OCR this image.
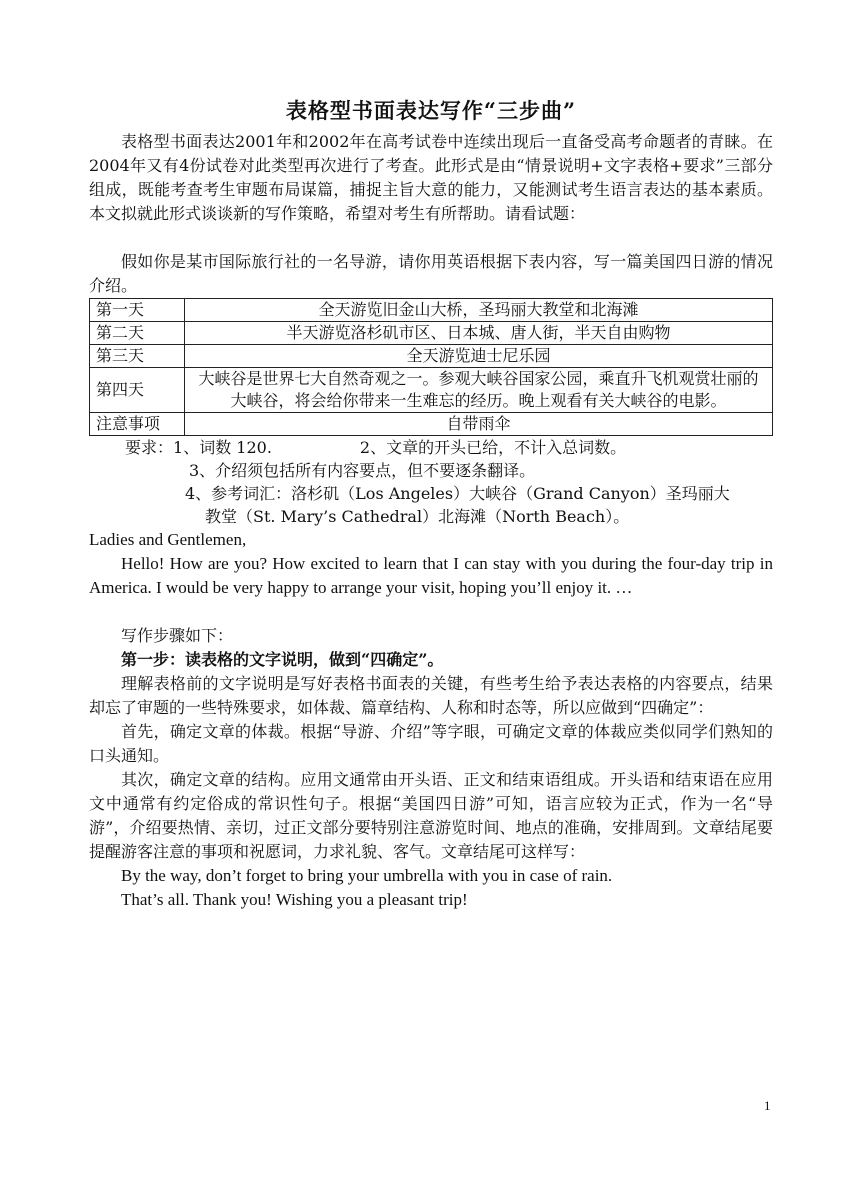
表格型书面表达写作“三步曲”

表格型书面表达2001年和2002年在高考试卷中连续出现后一直备受高考命题者的青睐。在2004年又有4份试卷对此类型再次进行了考查。此形式是由“情景说明+文字表格+要求”三部分组成，既能考查考生审题布局谋篇，捕捉主旨大意的能力，又能测试考生语言表达的基本素质。本文拟就此形式谈谈新的写作策略，希望对考生有所帮助。请看试题：

假如你是某市国际旅行社的一名导游，请你用英语根据下表内容，写一篇美国四日游的情况介绍。

第一天	全天游览旧金山大桥，圣玛丽大教堂和北海滩
第二天	半天游览洛杉矶市区、日本城、唐人街，半天自由购物
第三天	全天游览迪士尼乐园
第四天	大峡谷是世界七大自然奇观之一。参观大峡谷国家公园，乘直升飞机观赏壮丽的大峡谷，将会给你带来一生难忘的经历。晚上观看有关大峡谷的电影。
注意事项	自带雨伞
要求：1、词数 120.	2、文章的开头已给，不计入总词数。
3、介绍须包括所有内容要点，但不要逐条翻译。
4、参考词汇：洛杉矶（Los Angeles）大峡谷（Grand Canyon）圣玛丽大
教堂（St. Mary’s Cathedral）北海滩（North Beach）。

Ladies and Gentlemen,

Hello! How are you? How excited to learn that I can stay with you during the four-day trip in America. I would be very happy to arrange your visit, hoping you’ll enjoy it. …

写作步骤如下：

第一步：读表格的文字说明，做到“四确定”。

理解表格前的文字说明是写好表格书面表的关键，有些考生给予表达表格的内容要点，结果却忘了审题的一些特殊要求，如体裁、篇章结构、人称和时态等，所以应做到“四确定”：

首先，确定文章的体裁。根据“导游、介绍”等字眼，可确定文章的体裁应类似同学们熟知的口头通知。

其次，确定文章的结构。应用文通常由开头语、正文和结束语组成。开头语和结束语在应用文中通常有约定俗成的常识性句子。根据“美国四日游”可知，语言应较为正式，作为一名“导游”，介绍要热情、亲切，过正文部分要特别注意游览时间、地点的准确，安排周到。文章结尾要提醒游客注意的事项和祝愿词，力求礼貌、客气。文章结尾可这样写：

By the way, don’t forget to bring your umbrella with you in case of rain.

That’s all. Thank you! Wishing you a pleasant trip!

1
